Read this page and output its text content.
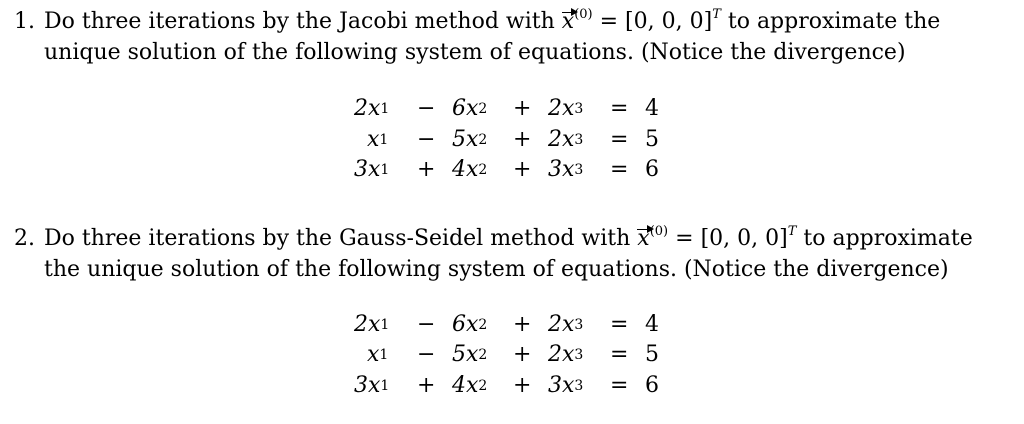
1. Do three iterations by the Jacobi method with $x^{(0)} = [0$, 0, 0]$^T$ to approximate the
unique solution of the following system of equations. (Notice the divergence)
2x 1 − 6x 2 + 2x 3 = 4
x 1 − 5x 2 + 2x 3 = 5
3x 1 + 4x 2 + 3x 3 = 6
2. Do three iterations by the Gauss-Seidel method with $x^{(0)} = [0$, 0, 0]$^T$ to approximate
the unique solution of the following system of equations. (Notice the divergence)
2x 1 − 6x 2 + 2x 3 = 4
x 1 − 5x 2 + 2x 3 = 5
3x 1 + 4x 2 + 3x 3 = 6
